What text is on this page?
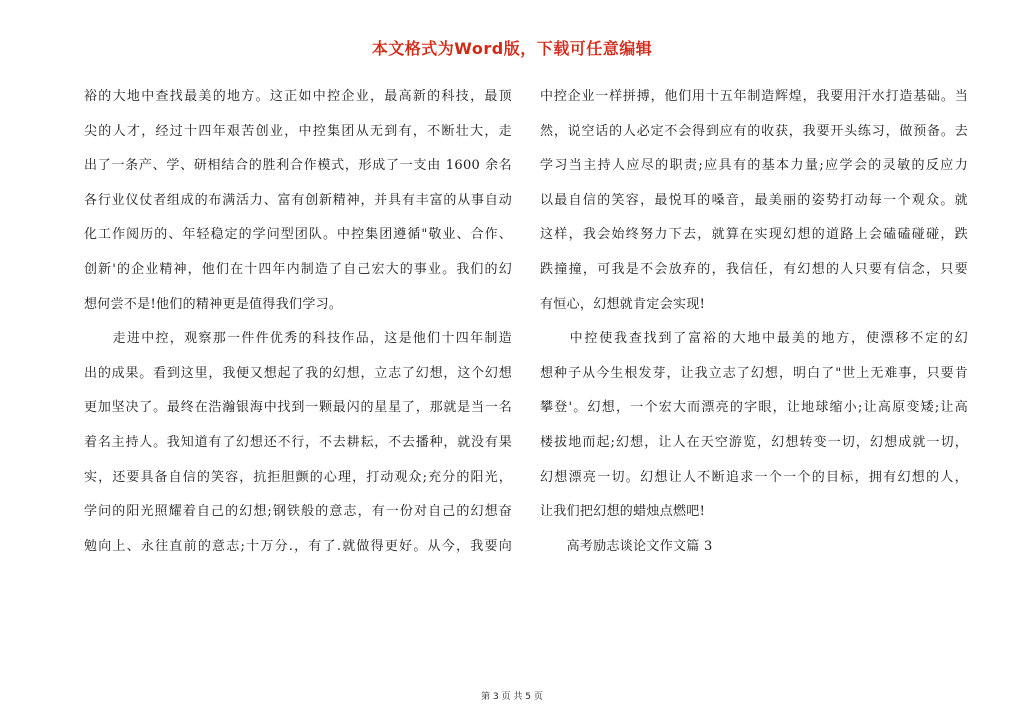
本文格式为Word版，下载可任意编辑
裕的大地中查找最美的地方。这正如中控企业，最高新的科技，最顶
尖的人才，经过十四年艰苦创业，中控集团从无到有，不断壮大，走
出了一条产、学、研相结合的胜利合作模式，形成了一支由 1600 余名
各行业仪仗者组成的布满活力、富有创新精神，并具有丰富的从事自动
化工作阅历的、年轻稳定的学问型团队。中控集团遵循"敬业、合作、
创新'的企业精神，他们在十四年内制造了自己宏大的事业。我们的幻
想何尝不是!他们的精神更是值得我们学习。
　　走进中控，观察那一件件优秀的科技作品，这是他们十四年制造
出的成果。看到这里，我便又想起了我的幻想，立志了幻想，这个幻想
更加坚决了。最终在浩瀚银海中找到一颗最闪的星星了，那就是当一名
着名主持人。我知道有了幻想还不行，不去耕耘，不去播种，就没有果
实，还要具备自信的笑容，抗拒胆颤的心理，打动观众;充分的阳光，
学问的阳光照耀着自己的幻想;钢铁般的意志，有一份对自己的幻想奋
勉向上、永往直前的意志;十万分.，有了.就做得更好。从今，我要向
中控企业一样拼搏，他们用十五年制造辉煌，我要用汗水打造基础。当
然，说空话的人必定不会得到应有的收获，我要开头练习，做预备。去
学习当主持人应尽的职责;应具有的基本力量;应学会的灵敏的反应力
以最自信的笑容，最悦耳的嗓音，最美丽的姿势打动每一个观众。就
这样，我会始终努力下去，就算在实现幻想的道路上会磕磕碰碰，跌
跌撞撞，可我是不会放弃的，我信任，有幻想的人只要有信念，只要
有恒心，幻想就肯定会实现!
　　中控使我查找到了富裕的大地中最美的地方，使漂移不定的幻
想种子从今生根发芽，让我立志了幻想，明白了"世上无难事，只要肯
攀登'。幻想，一个宏大而漂亮的字眼，让地球缩小;让高原变矮;让高
楼拔地而起;幻想，让人在天空游览，幻想转变一切，幻想成就一切，
幻想漂亮一切。幻想让人不断追求一个一个的目标，拥有幻想的人，
让我们把幻想的蜡烛点燃吧!
　　高考励志谈论文作文篇 3
第 3 页 共 5 页
